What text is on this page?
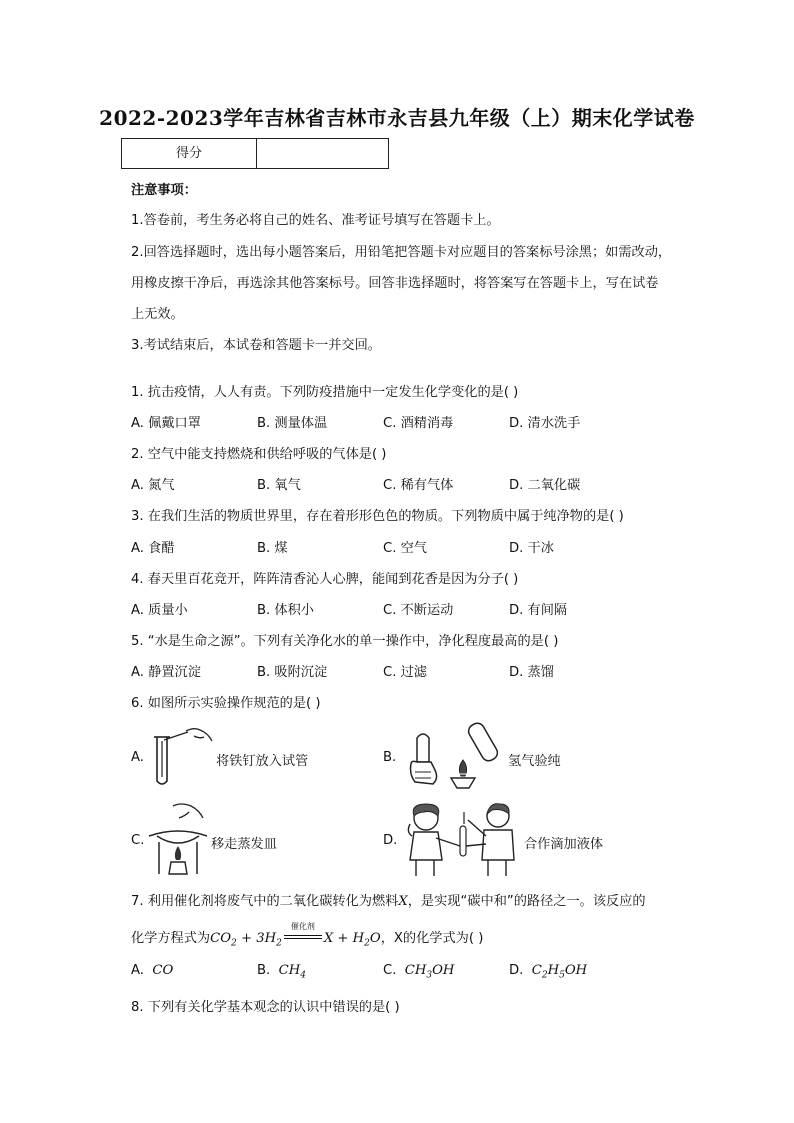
2022-2023学年吉林省吉林市永吉县九年级（上）期末化学试卷
得分
注意事项：
1.答卷前，考生务必将自己的姓名、准考证号填写在答题卡上。
2.回答选择题时，选出每小题答案后，用铅笔把答题卡对应题目的答案标号涂黑；如需改动，
用橡皮擦干净后，再选涂其他答案标号。回答非选择题时，将答案写在答题卡上，写在试卷
上无效。
3.考试结束后，本试卷和答题卡一并交回。
1. 抗击疫情，人人有责。下列防疫措施中一定发生化学变化的是( )
A. 佩戴口罩	B. 测量体温	C. 酒精消毒	D. 清水洗手
2. 空气中能支持燃烧和供给呼吸的气体是( )
A. 氮气	B. 氧气	C. 稀有气体	D. 二氧化碳
3. 在我们生活的物质世界里，存在着形形色色的物质。下列物质中属于纯净物的是( )
A. 食醋	B. 煤	C. 空气	D. 干冰
4. 春天里百花竞开，阵阵清香沁人心脾，能闻到花香是因为分子( )
A. 质量小	B. 体积小	C. 不断运动	D. 有间隔
5. “水是生命之源”。下列有关净化水的单一操作中，净化程度最高的是( )
A. 静置沉淀	B. 吸附沉淀	C. 过滤	D. 蒸馏
6. 如图所示实验操作规范的是( )
A.	将铁钉放入试管	B.	氢气验纯
C.	移走蒸发皿	D.	合作滴加液体
7. 利用催化剂将废气中的二氧化碳转化为燃料X，是实现“碳中和”的路径之一。该反应的
化学方程式为$CO_2 + 3H_2$
催化剂
$X + H_2O$，X的化学式为( )
A. CO	B. $CH_4$	C. $CH_3OH$	D. $C_2H_5OH$
8. 下列有关化学基本观念的认识中错误的是( )
